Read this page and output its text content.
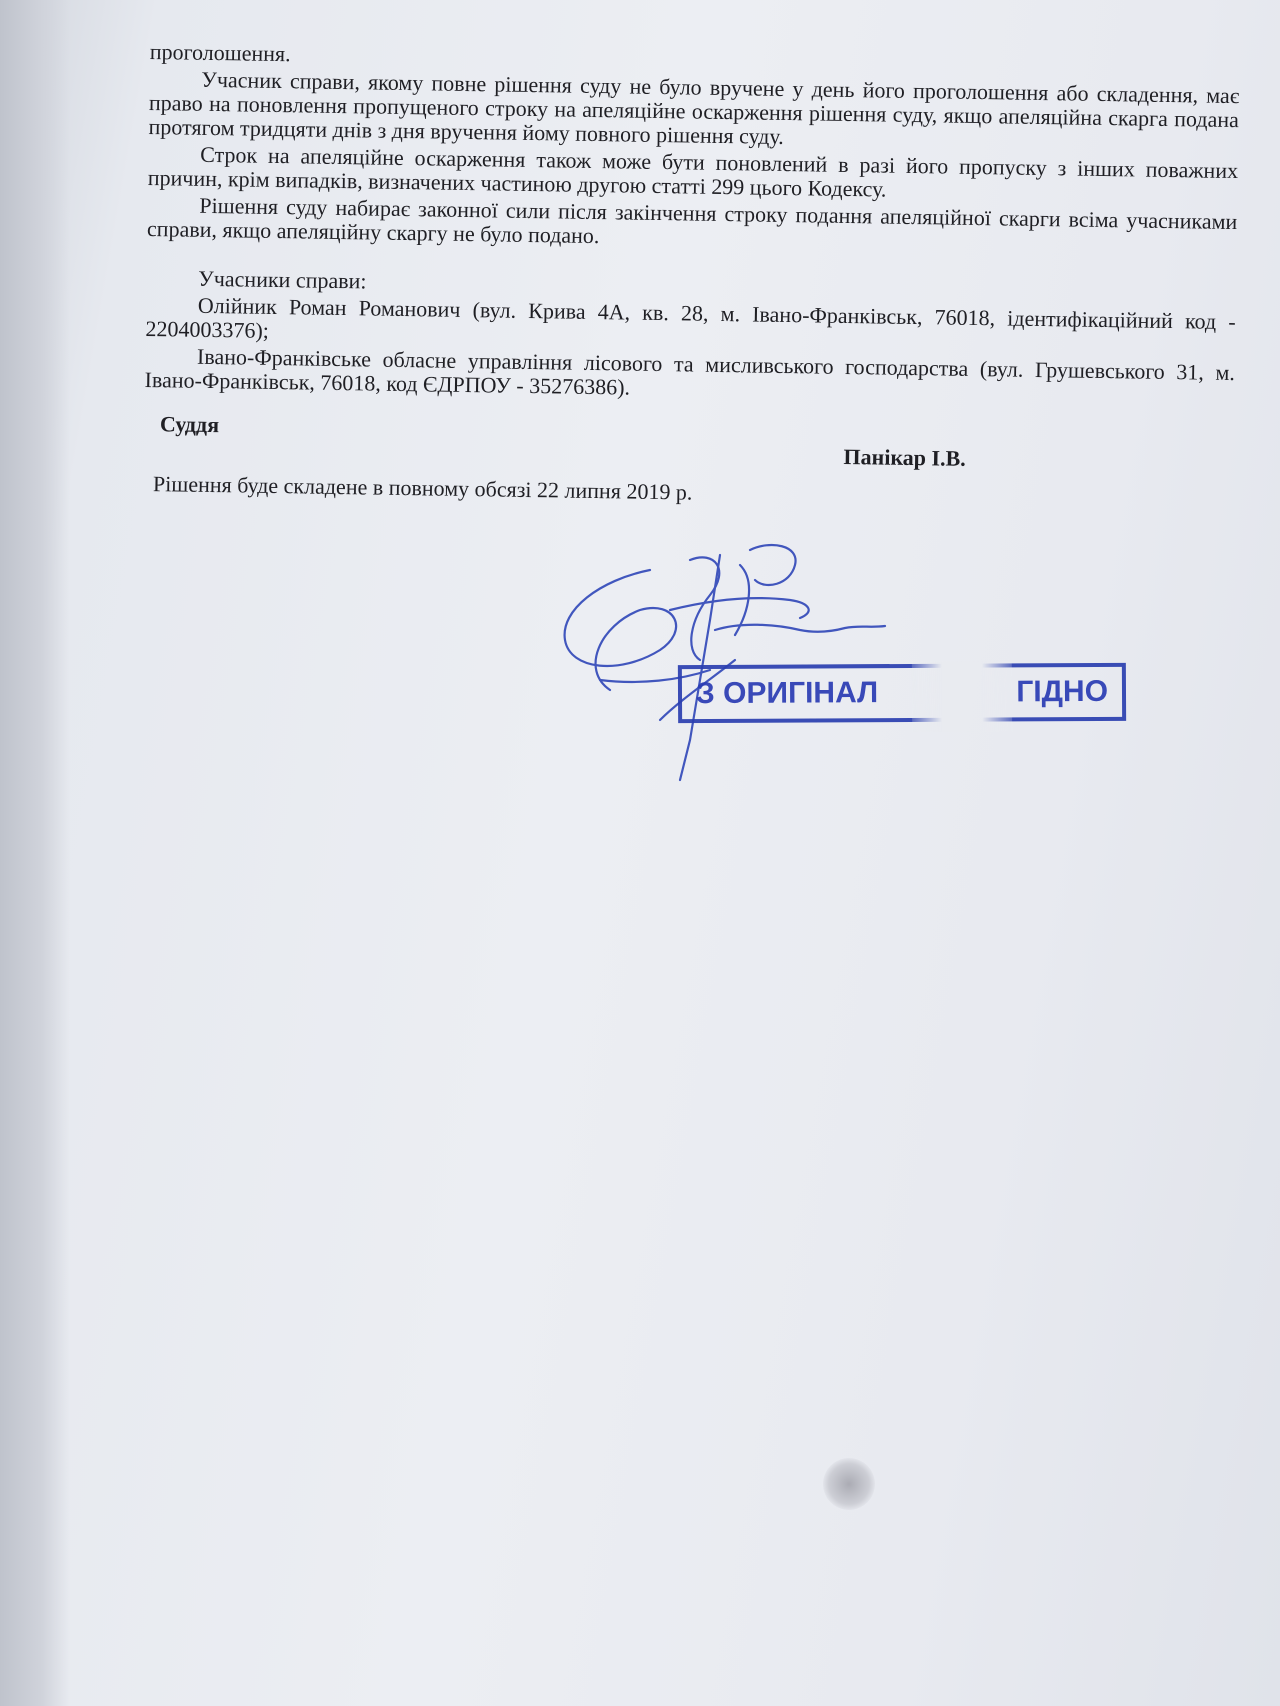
проголошення.

Учасник справи, якому повне рішення суду не було вручене у день його проголошення або складення, має право на поновлення пропущеного строку на апеляційне оскарження рішення суду, якщо апеляційна скарга подана протягом тридцяти днів з дня вручення йому повного рішення суду.

Строк на апеляційне оскарження також може бути поновлений в разі його пропуску з інших поважних причин, крім випадків, визначених частиною другою статті 299 цього Кодексу.

Рішення суду набирає законної сили після закінчення строку подання апеляційної скарги всіма учасниками справи, якщо апеляційну скаргу не було подано.

Учасники справи:

Олійник Роман Романович (вул. Крива 4А, кв. 28, м. Івано-Франківськ, 76018, ідентифікаційний код - 2204003376);

Івано-Франківське обласне управління лісового та мисливського господарства (вул. Грушевського 31, м. Івано-Франківськ, 76018, код ЄДРПОУ - 35276386).

Суддя
Панікар І.В.

Рішення буде складене в повному обсязі 22 липня 2019 р.

З ОРИГІНАЛ	ГІДНО
